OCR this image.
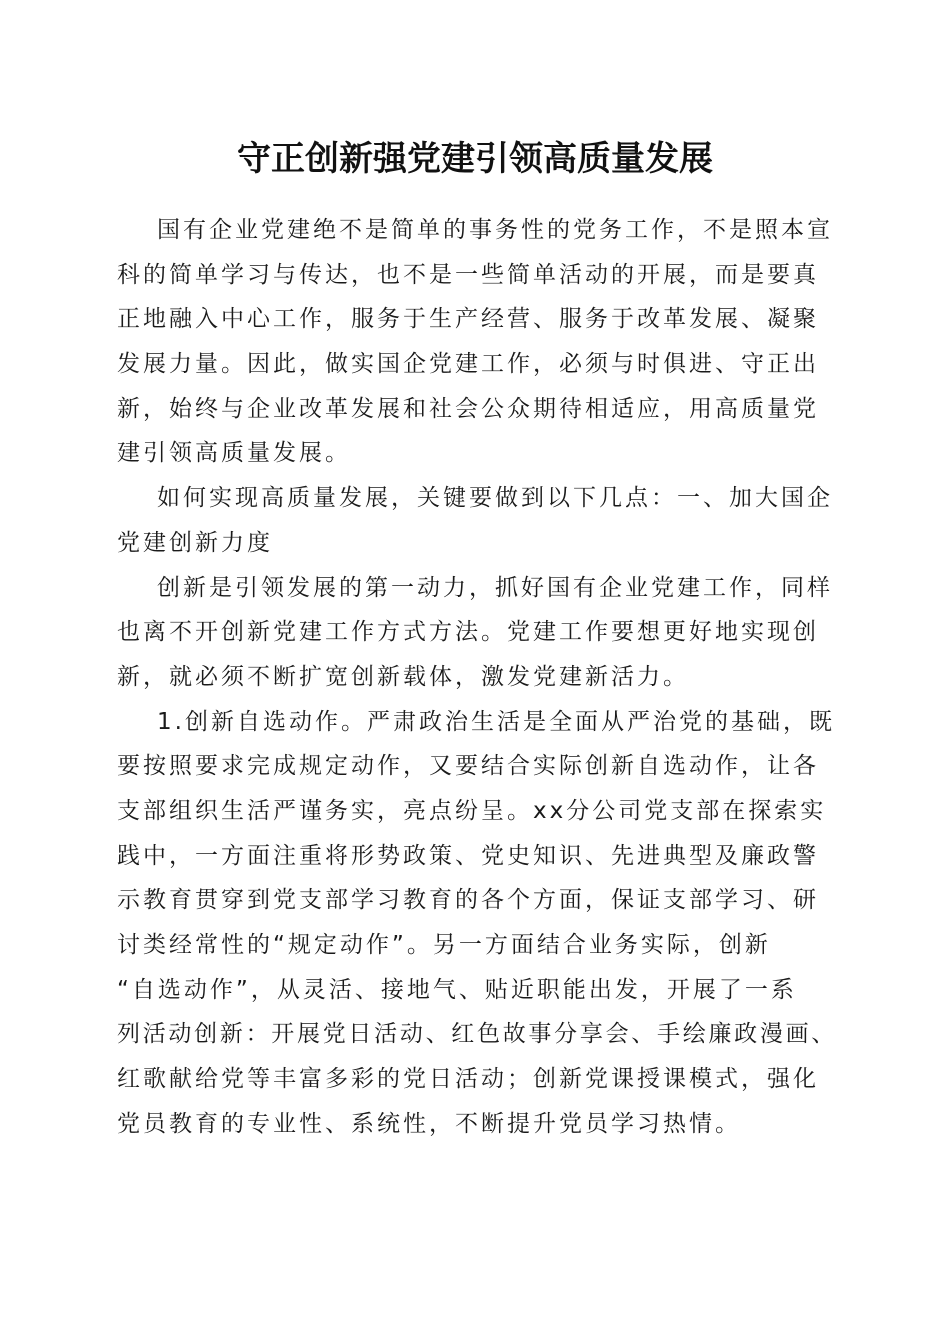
守正创新强党建引领高质量发展
国有企业党建绝不是简单的事务性的党务工作，不是照本宣
科的简单学习与传达，也不是一些简单活动的开展，而是要真
正地融入中心工作，服务于生产经营、服务于改革发展、凝聚
发展力量。因此，做实国企党建工作，必须与时俱进、守正出
新，始终与企业改革发展和社会公众期待相适应，用高质量党
建引领高质量发展。
如何实现高质量发展，关键要做到以下几点：一、加大国企
党建创新力度
创新是引领发展的第一动力，抓好国有企业党建工作，同样
也离不开创新党建工作方式方法。党建工作要想更好地实现创
新，就必须不断扩宽创新载体，激发党建新活力。
1.创新自选动作。严肃政治生活是全面从严治党的基础，既
要按照要求完成规定动作，又要结合实际创新自选动作，让各
支部组织生活严谨务实，亮点纷呈。xx分公司党支部在探索实
践中，一方面注重将形势政策、党史知识、先进典型及廉政警
示教育贯穿到党支部学习教育的各个方面，保证支部学习、研
讨类经常性的“规定动作”。另一方面结合业务实际，创新
“自选动作”，从灵活、接地气、贴近职能出发，开展了一系
列活动创新：开展党日活动、红色故事分享会、手绘廉政漫画、
红歌献给党等丰富多彩的党日活动；创新党课授课模式，强化
党员教育的专业性、系统性，不断提升党员学习热情。
